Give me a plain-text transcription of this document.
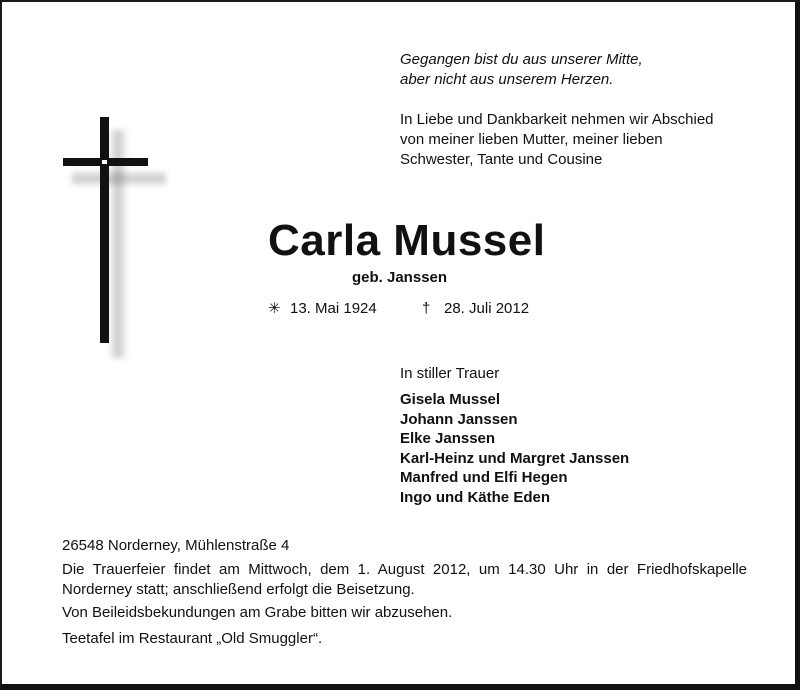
Gegangen bist du aus unserer Mitte,
aber nicht aus unserem Herzen.
In Liebe und Dankbarkeit nehmen wir Abschied
von meiner lieben Mutter, meiner lieben
Schwester, Tante und Cousine
Carla Mussel
geb. Janssen
✳ 13. Mai 1924	† 28. Juli 2012
In stiller Trauer
Gisela Mussel
Johann Janssen
Elke Janssen
Karl-Heinz und Margret Janssen
Manfred und Elfi Hegen
Ingo und Käthe Eden
26548 Norderney, Mühlenstraße 4
Die Trauerfeier findet am Mittwoch, dem 1. August 2012, um 14.30 Uhr in der Friedhofskapelle Norderney statt; anschließend erfolgt die Beisetzung.
Von Beileidsbekundungen am Grabe bitten wir abzusehen.
Teetafel im Restaurant „Old Smuggler“.
